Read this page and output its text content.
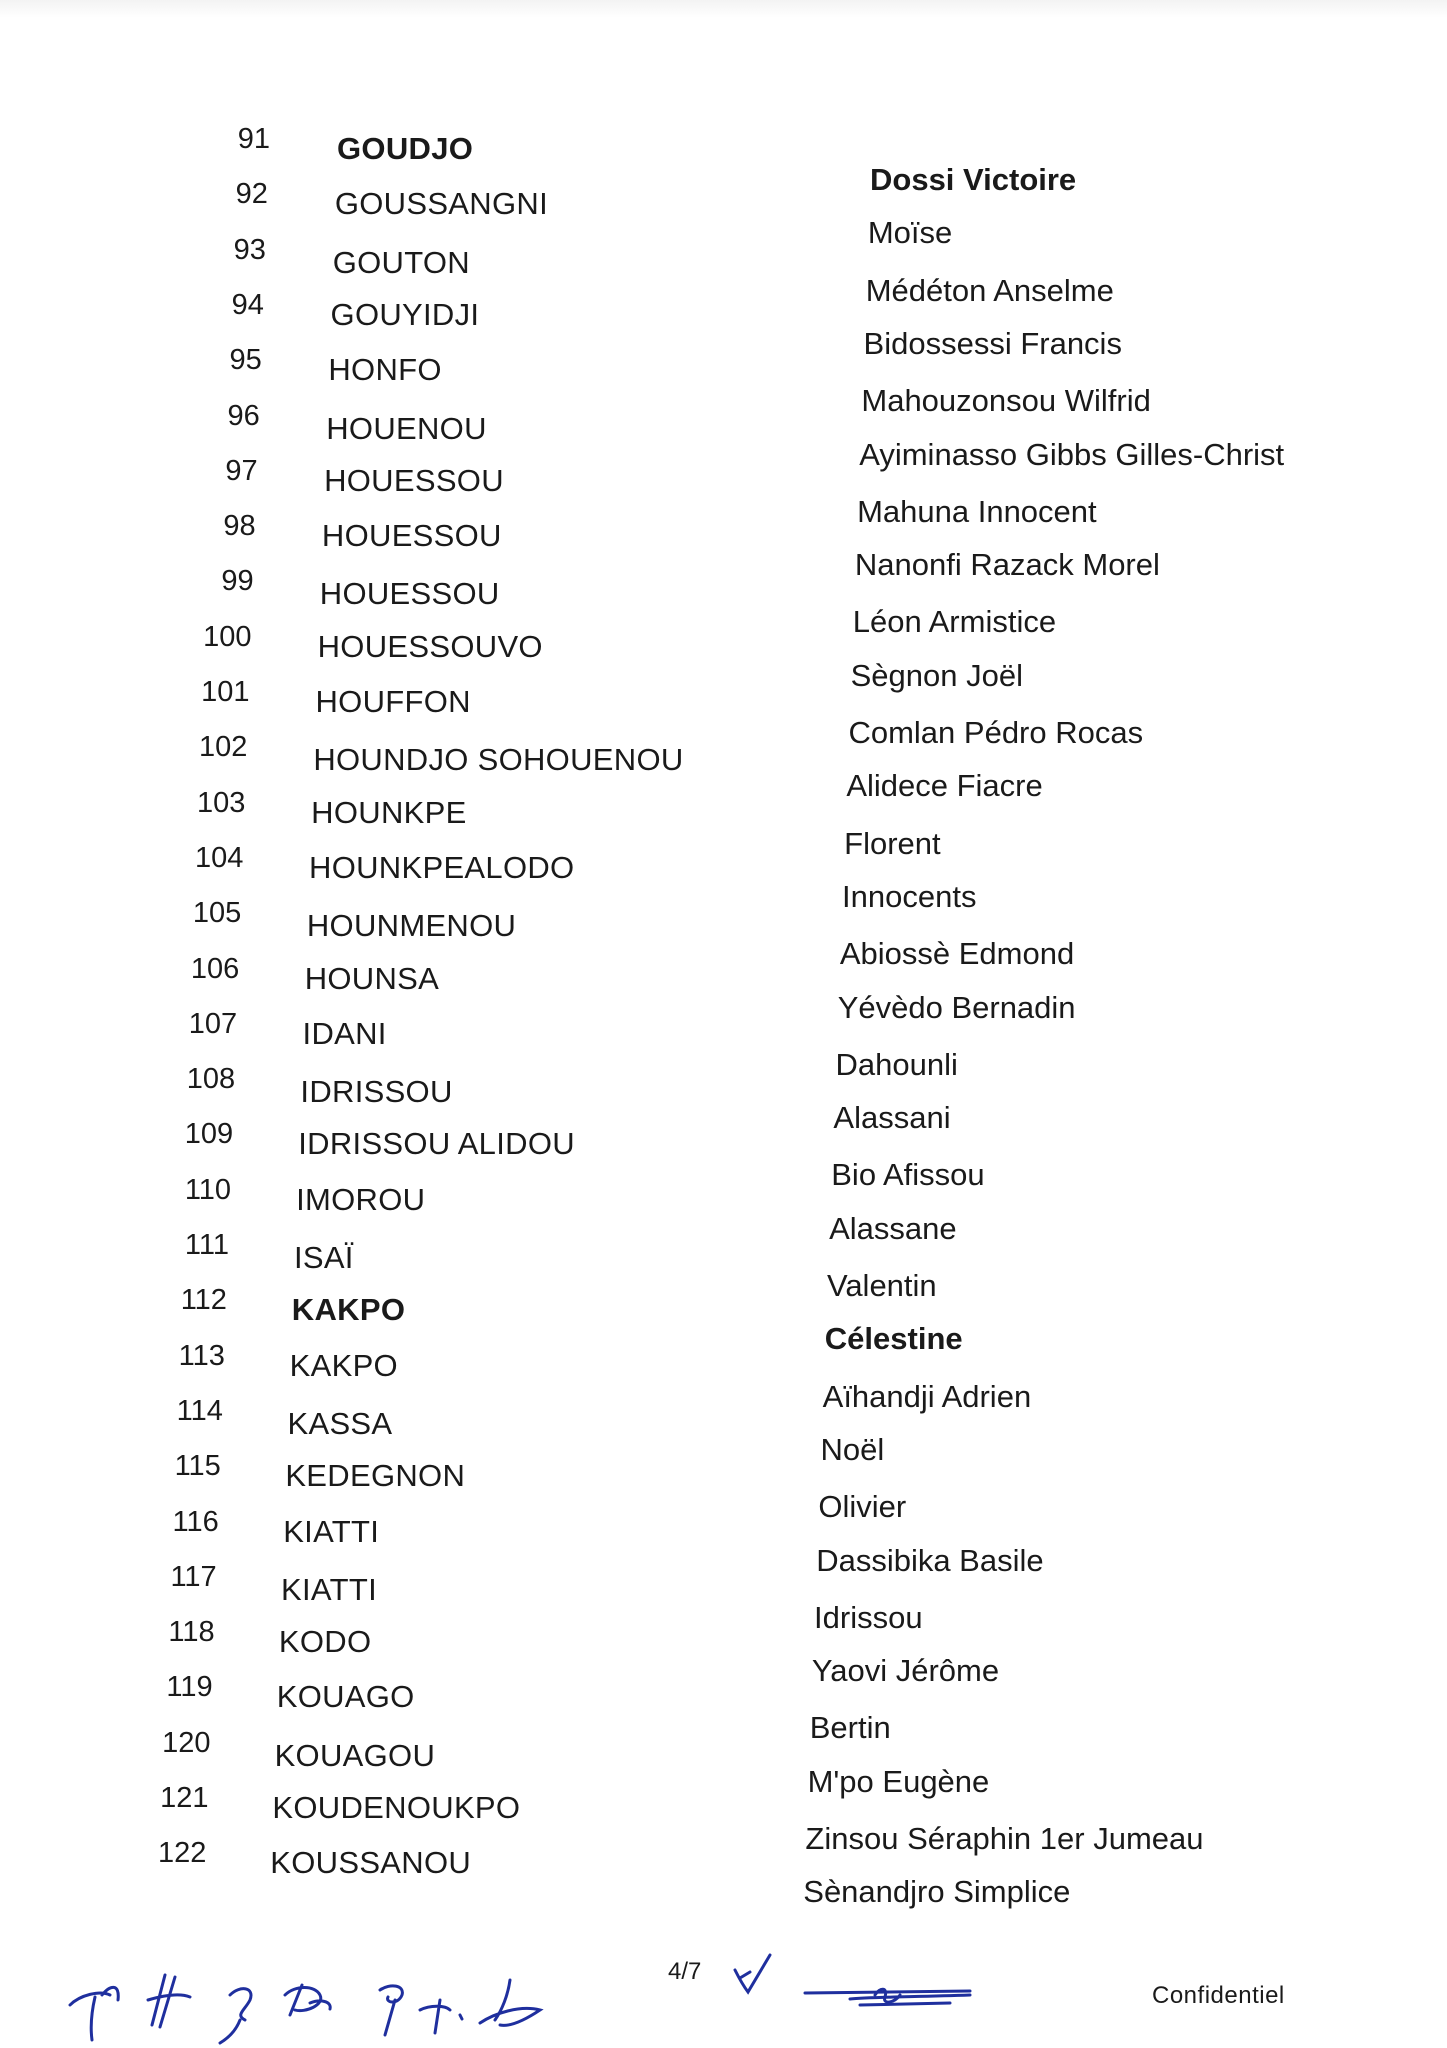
91 GOUDJO
Dossi Victoire
92 GOUSSANGNI
Moïse
93 GOUTON
Médéton Anselme
94 GOUYIDJI
Bidossessi Francis
95 HONFO
Mahouzonsou Wilfrid
96 HOUENOU
Ayiminasso Gibbs Gilles-Christ
97 HOUESSOU
Mahuna Innocent
98 HOUESSOU
Nanonfi Razack Morel
99 HOUESSOU
Léon Armistice
100 HOUESSOUVO
Sègnon Joël
101 HOUFFON
Comlan Pédro Rocas
102 HOUNDJO SOHOUENOU
Alidece Fiacre
103 HOUNKPE
Florent
104 HOUNKPEALODO
Innocents
105 HOUNMENOU
Abiossè Edmond
106 HOUNSA
Yévèdo Bernadin
107 IDANI
Dahounli
108 IDRISSOU
Alassani
109 IDRISSOU ALIDOU
Bio Afissou
110 IMOROU
Alassane
111 ISAÏ
Valentin
112 KAKPO
Célestine
113 KAKPO
Aïhandji Adrien
114 KASSA
Noël
115 KEDEGNON
Olivier
116 KIATTI
Dassibika Basile
117 KIATTI
Idrissou
118 KODO
Yaovi Jérôme
119 KOUAGO
Bertin
120 KOUAGOU
M'po Eugène
121 KOUDENOUKPO
Zinsou Séraphin 1er Jumeau
122 KOUSSANOU
Sènandjro Simplice
4/7
Confidentiel
